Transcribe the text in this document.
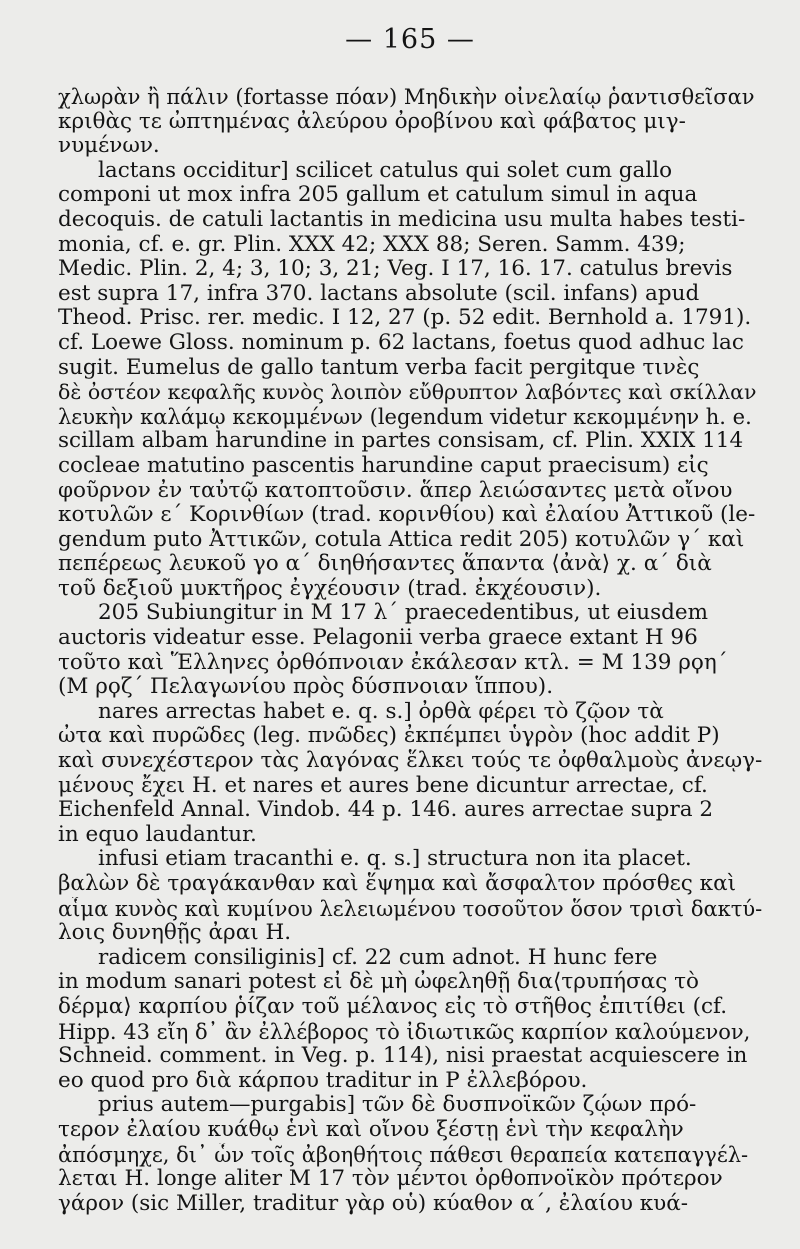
— 165 —
χλωρὰν ἢ πάλιν (fortasse πόαν) Μηδικὴν οἰνελαίῳ ῥαντισθεῖσαν
κριθὰς τε ὠπτημένας ἀλεύρου ὀροβίνου καὶ φάβατος μιγ-
νυμένων.
lactans occiditur] scilicet catulus qui solet cum gallo
componi ut mox infra 205 gallum et catulum simul in aqua
decoquis. de catuli lactantis in medicina usu multa habes testi-
monia, cf. e. gr. Plin. XXX 42; XXX 88; Seren. Samm. 439;
Medic. Plin. 2, 4; 3, 10; 3, 21; Veg. I 17, 16. 17. catulus brevis
est supra 17, infra 370. lactans absolute (scil. infans) apud
Theod. Prisc. rer. medic. I 12, 27 (p. 52 edit. Bernhold a. 1791).
cf. Loewe Gloss. nominum p. 62 lactans, foetus quod adhuc lac
sugit. Eumelus de gallo tantum verba facit pergitque τινὲς
δὲ ὀστέον κεφαλῆς κυνὸς λοιπὸν εὔθρυπτον λαβόντες καὶ σκίλλαν
λευκὴν καλάμῳ κεκομμένων (legendum videtur κεκομμένην h. e.
scillam albam harundine in partes consisam, cf. Plin. XXIX 114
cocleae matutino pascentis harundine caput praecisum) εἰς
φοῦρνον ἐν ταὐτῷ κατοπτοῦσιν. ἅπερ λειώσαντες μετὰ οἴνου
κοτυλῶν ε΄ Κορινθίων (trad. κορινθίου) καὶ ἐλαίου Ἀττικοῦ (le-
gendum puto Ἀττικῶν, cotula Attica redit 205) κοτυλῶν γ΄ καὶ
πεπέρεως λευκοῦ γο α΄ διηθήσαντες ἅπαντα ⟨ἀνὰ⟩ χ. α΄ διὰ
τοῦ δεξιοῦ μυκτῆρος ἐγχέουσιν (trad. ἐκχέουσιν).
205 Subiungitur in M 17 λ΄ praecedentibus, ut eiusdem
auctoris videatur esse. Pelagonii verba graece extant H 96
τοῦτο καὶ Ἕλληνες ὀρθόπνοιαν ἐκάλεσαν κτλ. = M 139 ρϙη΄
(M ρϙζ΄ Πελαγωνίου πρὸς δύσπνοιαν ἵππου).
nares arrectas habet e. q. s.] ὀρθὰ φέρει τὸ ζῷον τὰ
ὦτα καὶ πυρῶδες (leg. πνῶδες) ἐκπέμπει ὑγρὸν (hoc addit P)
καὶ συνεχέστερον τὰς λαγόνας ἕλκει τούς τε ὀφθαλμοὺς ἀνεῳγ-
μένους ἔχει H. et nares et aures bene dicuntur arrectae, cf.
Eichenfeld Annal. Vindob. 44 p. 146. aures arrectae supra 2
in equo laudantur.
infusi etiam tracanthi e. q. s.] structura non ita placet.
βαλὼν δὲ τραγάκανθαν καὶ ἕψημα καὶ ἄσφαλτον πρόσθες καὶ
αἷμα κυνὸς καὶ κυμίνου λελειωμένου τοσοῦτον ὅσον τρισὶ δακτύ-
λοις δυνηθῇς ἆραι H.
radicem consiliginis] cf. 22 cum adnot. H hunc fere
in modum sanari potest εἰ δὲ μὴ ὠφεληθῇ δια⟨τρυπήσας τὸ
δέρμα⟩ καρπίου ῥίζαν τοῦ μέλανος εἰς τὸ στῆθος ἐπιτίθει (cf.
Hipp. 43 εἴη δ᾽ ἂν ἐλλέβορος τὸ ἰδιωτικῶς καρπίον καλούμενον,
Schneid. comment. in Veg. p. 114), nisi praestat acquiescere in
eo quod pro διὰ κάρπου traditur in P ἐλλεβόρου.
prius autem—purgabis] τῶν δὲ δυσπνοϊκῶν ζῴων πρό-
τερον ἐλαίου κυάθῳ ἑνὶ καὶ οἴνου ξέστῃ ἑνὶ τὴν κεφαλὴν
ἀπόσμηχε, δι᾽ ὧν τοῖς ἀβοηθήτοις πάθεσι θεραπεία κατεπαγγέλ-
λεται H. longe aliter M 17 τὸν μέντοι ὀρθοπνοϊκὸν πρότερον
γάρον (sic Miller, traditur γὰρ οὗ) κύαθον α΄, ἐλαίου κυά-
